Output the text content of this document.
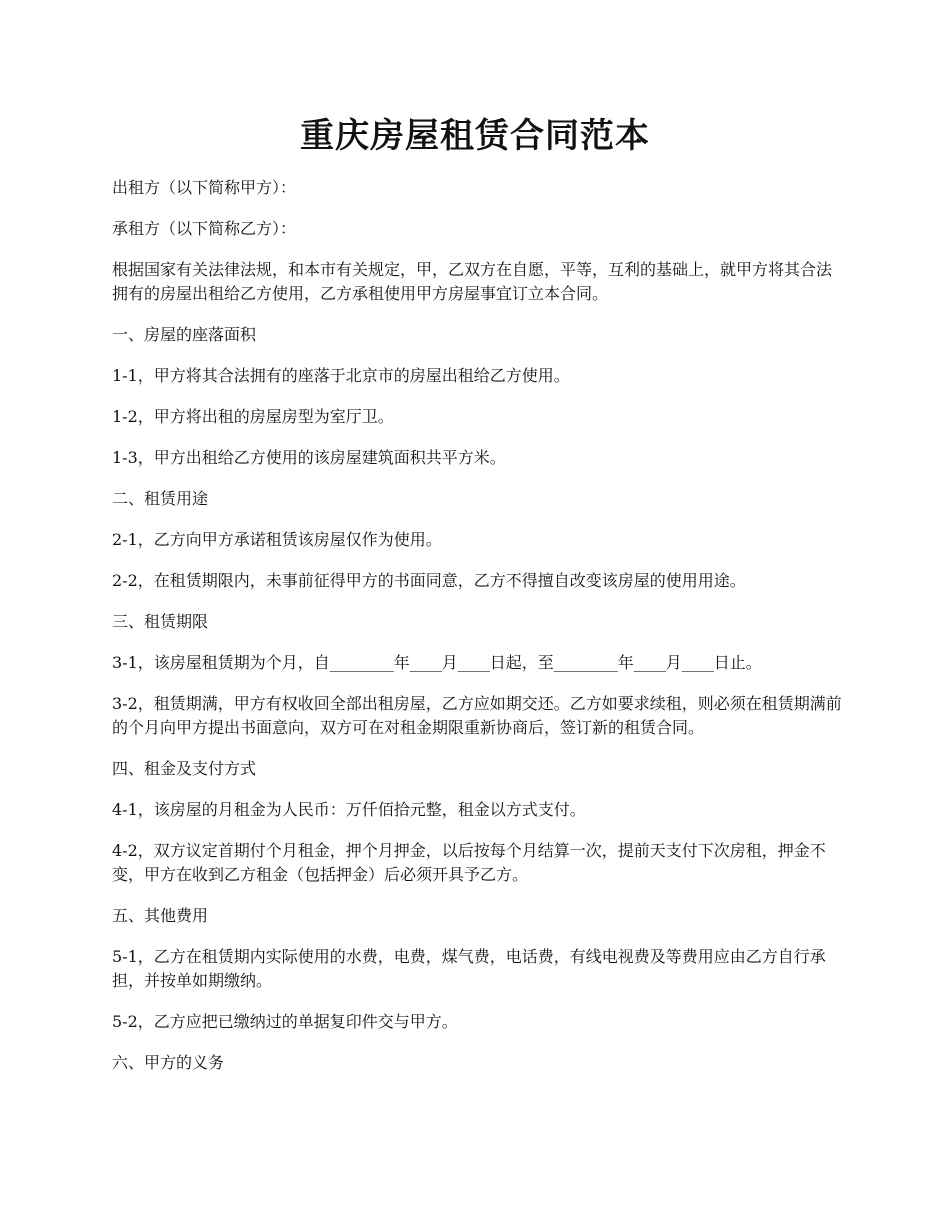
重庆房屋租赁合同范本

出租方（以下简称甲方）：

承租方（以下简称乙方）：

根据国家有关法律法规，和本市有关规定，甲，乙双方在自愿，平等，互利的基础上，就甲方将其合法拥有的房屋出租给乙方使用，乙方承租使用甲方房屋事宜订立本合同。

一、房屋的座落面积

1-1，甲方将其合法拥有的座落于北京市的房屋出租给乙方使用。

1-2，甲方将出租的房屋房型为室厅卫。

1-3，甲方出租给乙方使用的该房屋建筑面积共平方米。

二、租赁用途

2-1，乙方向甲方承诺租赁该房屋仅作为使用。

2-2，在租赁期限内，未事前征得甲方的书面同意，乙方不得擅自改变该房屋的使用用途。

三、租赁期限

3-1，该房屋租赁期为个月，自________年____月____日起，至________年____月____日止。

3-2，租赁期满，甲方有权收回全部出租房屋，乙方应如期交还。乙方如要求续租，则必须在租赁期满前的个月向甲方提出书面意向，双方可在对租金期限重新协商后，签订新的租赁合同。

四、租金及支付方式

4-1，该房屋的月租金为人民币：万仟佰拾元整，租金以方式支付。

4-2，双方议定首期付个月租金，押个月押金，以后按每个月结算一次，提前天支付下次房租，押金不变，甲方在收到乙方租金（包括押金）后必须开具予乙方。

五、其他费用

5-1，乙方在租赁期内实际使用的水费，电费，煤气费，电话费，有线电视费及等费用应由乙方自行承担，并按单如期缴纳。

5-2，乙方应把已缴纳过的单据复印件交与甲方。

六、甲方的义务
